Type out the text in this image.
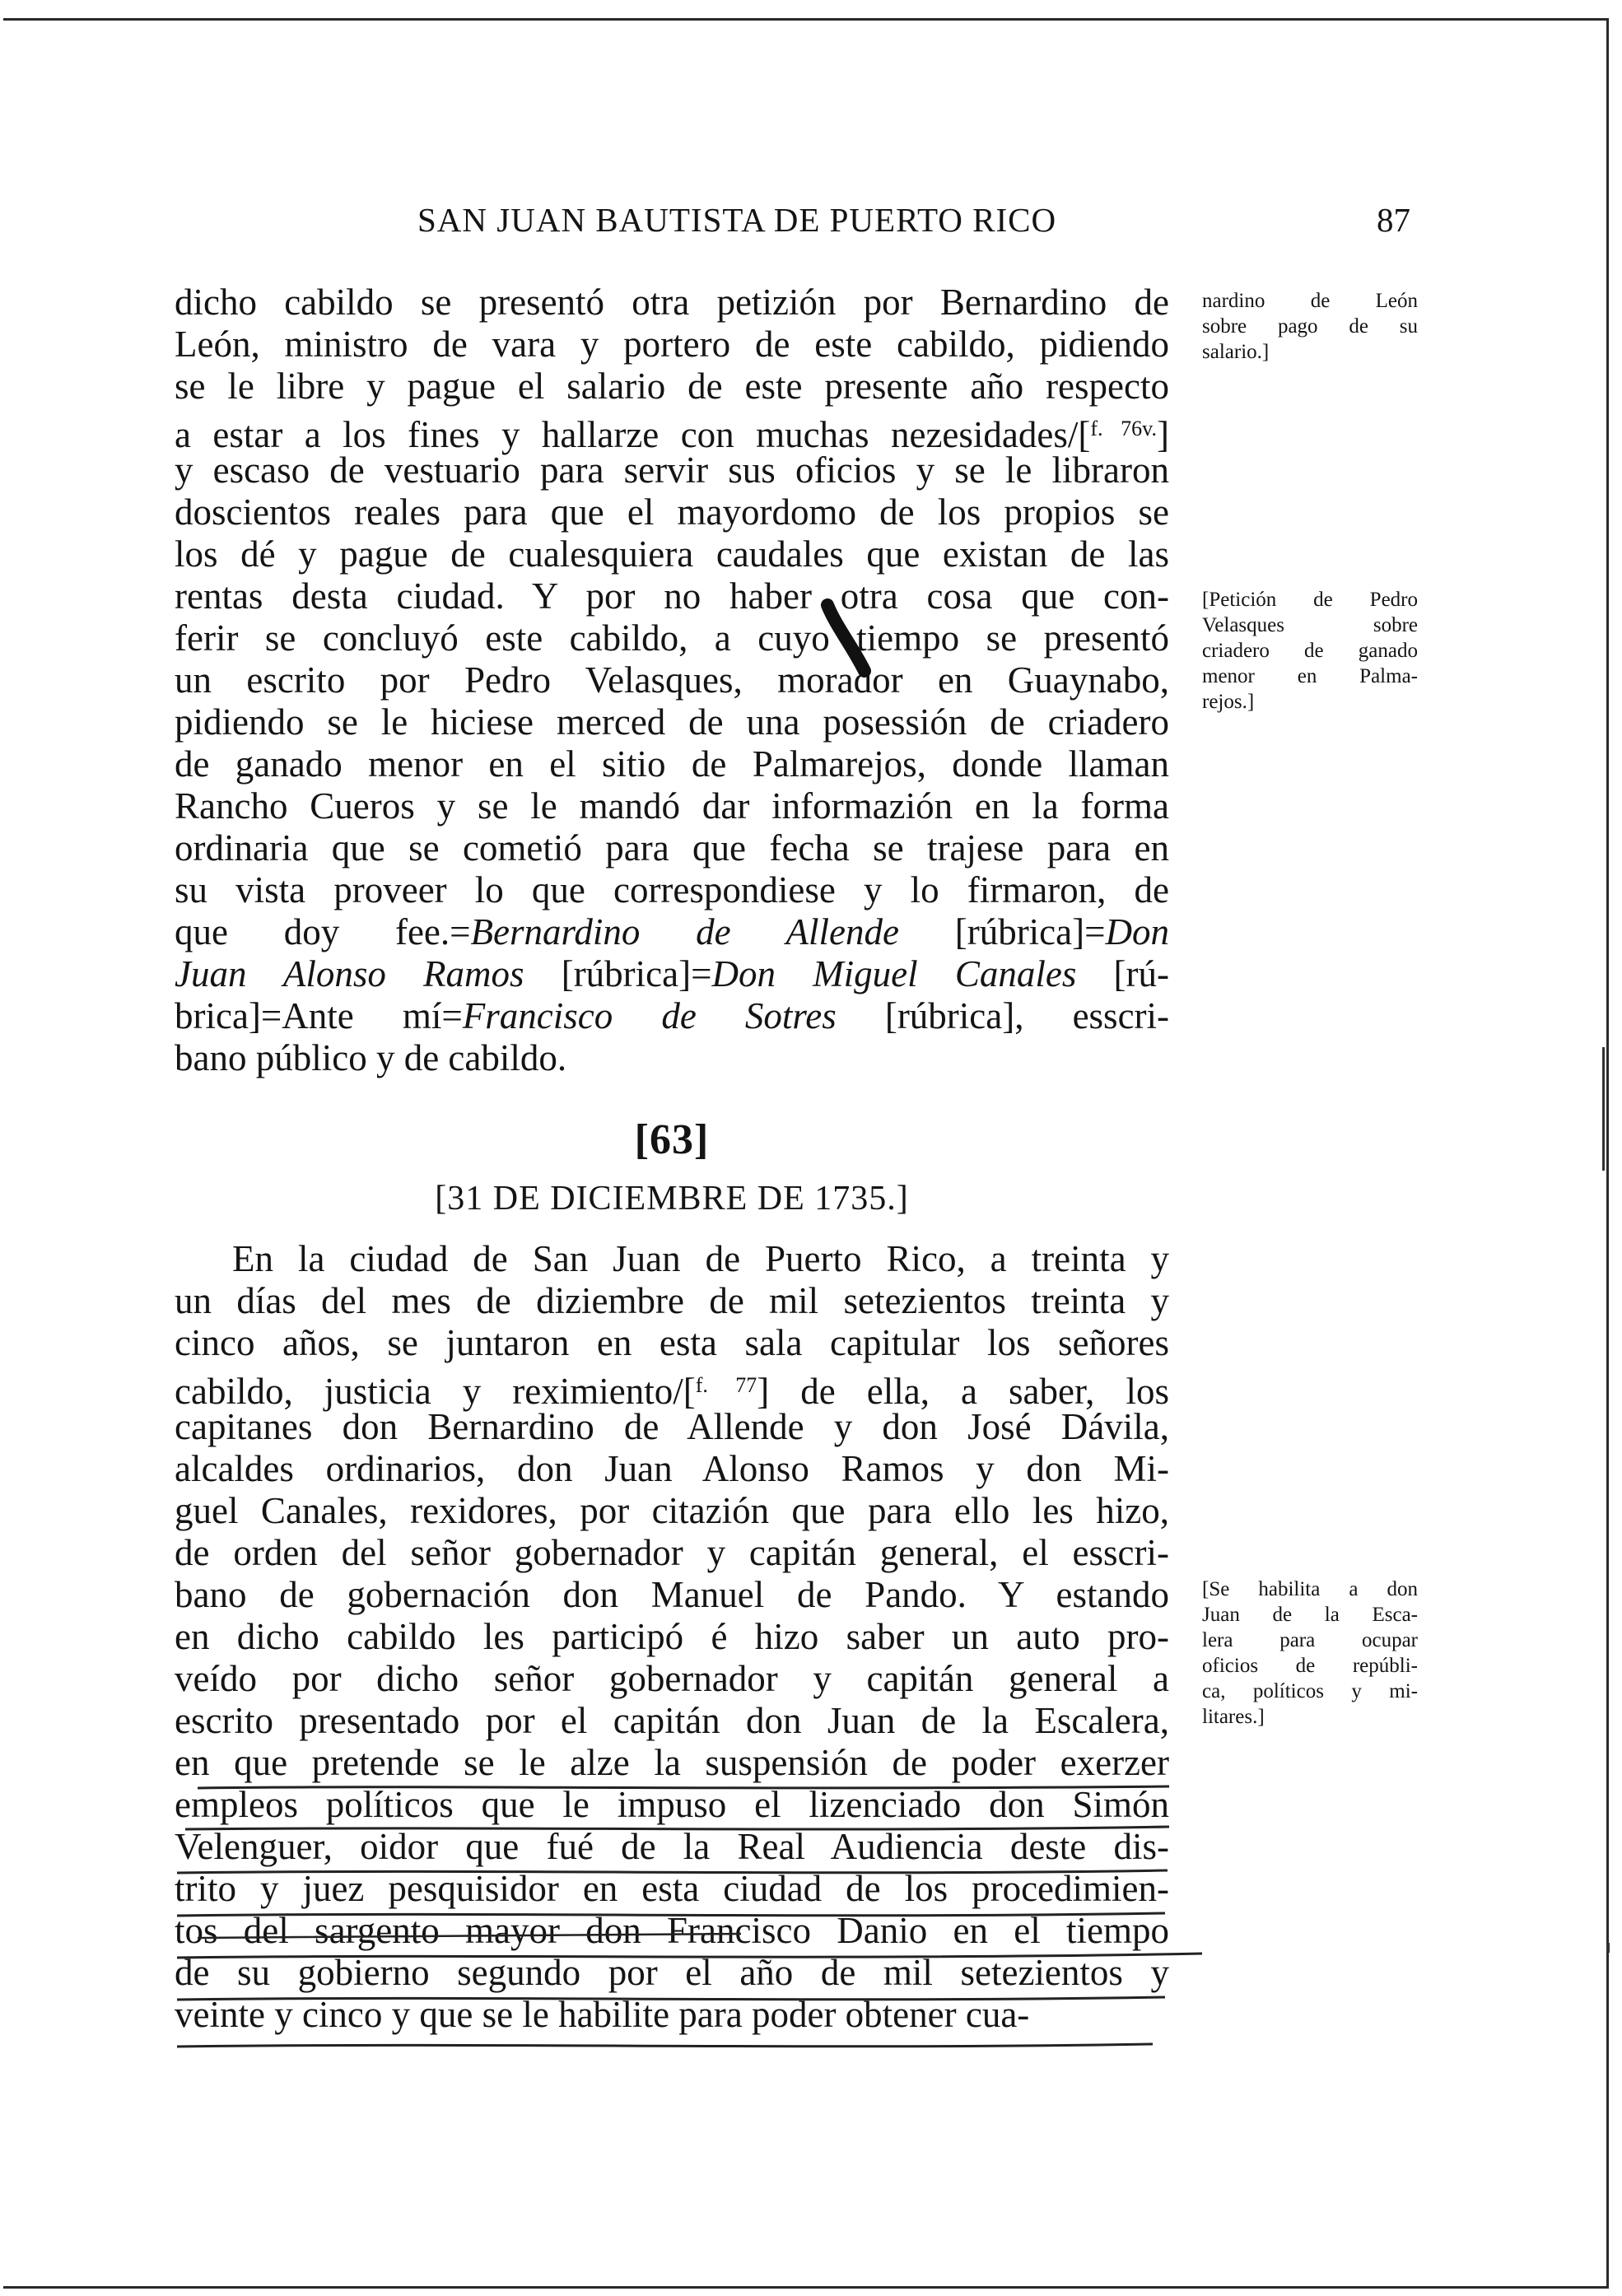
SAN JUAN BAUTISTA DE PUERTO RICO	87
dicho cabildo se presentó otra petizión por Bernardino de
León, ministro de vara y portero de este cabildo, pidiendo
se le libre y pague el salario de este presente año respecto
a estar a los fines y hallarze con muchas nezesidades/[$^{f. 76v.}$]
y escaso de vestuario para servir sus oficios y se le libraron
doscientos reales para que el mayordomo de los propios se
los dé y pague de cualesquiera caudales que existan de las
rentas desta ciudad. Y por no haber otra cosa que con-
ferir se concluyó este cabildo, a cuyo tiempo se presentó
un escrito por Pedro Velasques, morador en Guaynabo,
pidiendo se le hiciese merced de una posessión de criadero
de ganado menor en el sitio de Palmarejos, donde llaman
Rancho Cueros y se le mandó dar informazión en la forma
ordinaria que se cometió para que fecha se trajese para en
su vista proveer lo que correspondiese y lo firmaron, de
que doy fee.=Bernardino de Allende [rúbrica]=Don
Juan Alonso Ramos [rúbrica]=Don Miguel Canales [rú-
brica]=Ante mí=Francisco de Sotres [rúbrica], esscri-
bano público y de cabildo.
[63]
[31 DE DICIEMBRE DE 1735.]
En la ciudad de San Juan de Puerto Rico, a treinta y
un días del mes de diziembre de mil setezientos treinta y
cinco años, se juntaron en esta sala capitular los señores
cabildo, justicia y reximiento/[$^{f. 77}$] de ella, a saber, los
capitanes don Bernardino de Allende y don José Dávila,
alcaldes ordinarios, don Juan Alonso Ramos y don Mi-
guel Canales, rexidores, por citazión que para ello les hizo,
de orden del señor gobernador y capitán general, el esscri-
bano de gobernación don Manuel de Pando. Y estando
en dicho cabildo les participó é hizo saber un auto pro-
veído por dicho señor gobernador y capitán general a
escrito presentado por el capitán don Juan de la Escalera,
en que pretende se le alze la suspensión de poder exerzer
empleos políticos que le impuso el lizenciado don Simón
Velenguer, oidor que fué de la Real Audiencia deste dis-
trito y juez pesquisidor en esta ciudad de los procedimien-
tos del sargento mayor don Francisco Danio en el tiempo
de su gobierno segundo por el año de mil setezientos y
veinte y cinco y que se le habilite para poder obtener cua-
nardino de León
sobre pago de su
salario.]
[Petición de Pedro
Velasques sobre
criadero de ganado
menor en Palma-
rejos.]
[Se habilita a don
Juan de la Esca-
lera para ocupar
oficios de repúbli-
ca, políticos y mi-
litares.]
